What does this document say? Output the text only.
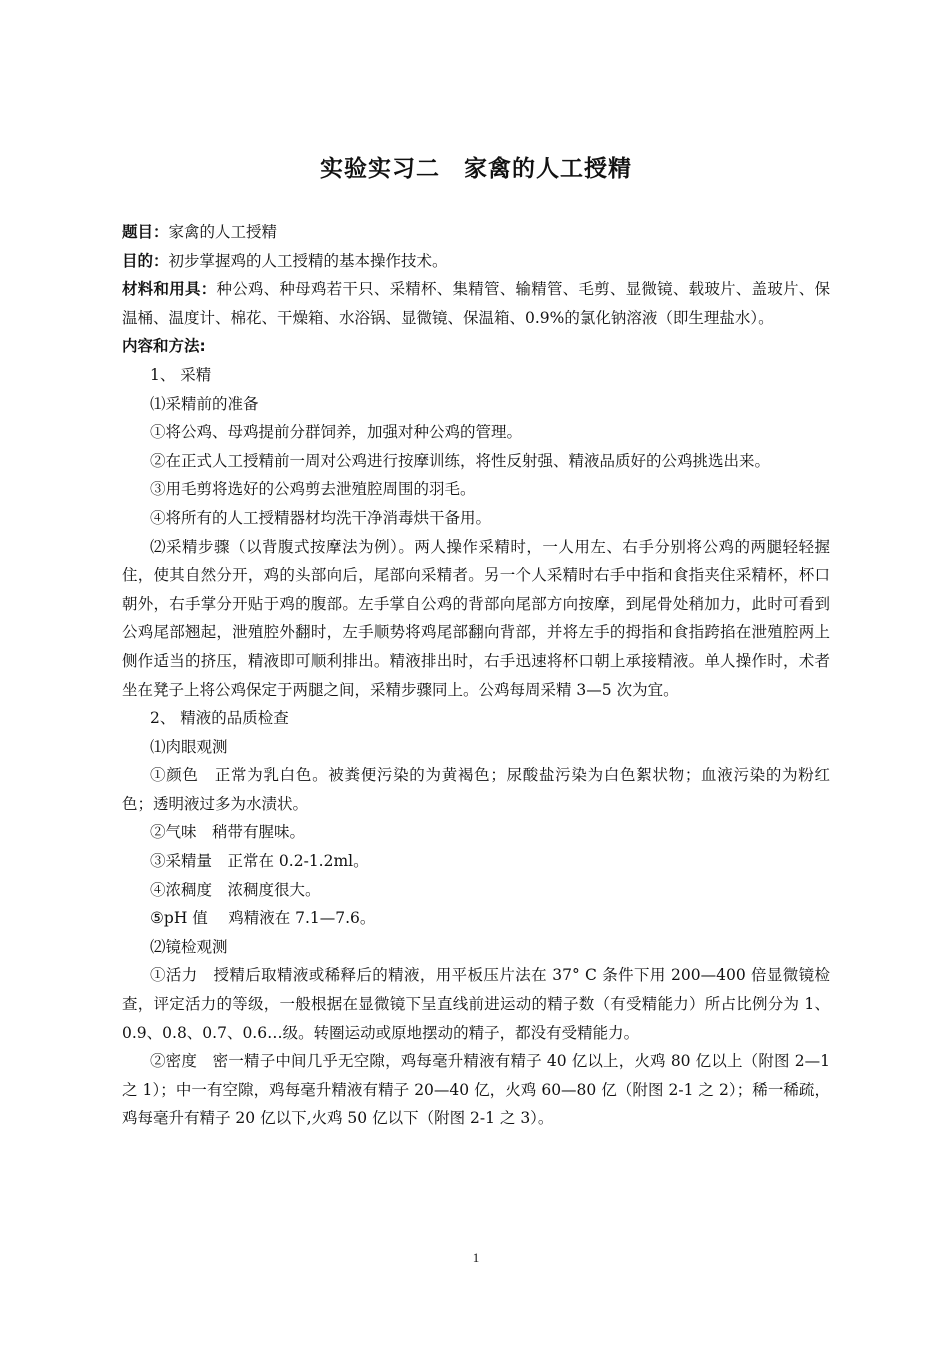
实验实习二　家禽的人工授精

题目：家禽的人工授精

目的：初步掌握鸡的人工授精的基本操作技术。

材料和用具：种公鸡、种母鸡若干只、采精杯、集精管、输精管、毛剪、显微镜、载玻片、盖玻片、保温桶、温度计、棉花、干燥箱、水浴锅、显微镜、保温箱、0.9%的氯化钠溶液（即生理盐水）。

内容和方法:

1、 采精

⑴采精前的准备

①将公鸡、母鸡提前分群饲养，加强对种公鸡的管理。

②在正式人工授精前一周对公鸡进行按摩训练，将性反射强、精液品质好的公鸡挑选出来。

③用毛剪将选好的公鸡剪去泄殖腔周围的羽毛。

④将所有的人工授精器材均洗干净消毒烘干备用。

⑵采精步骤（以背腹式按摩法为例）。两人操作采精时，一人用左、右手分别将公鸡的两腿轻轻握住，使其自然分开，鸡的头部向后，尾部向采精者。另一个人采精时右手中指和食指夹住采精杯，杯口朝外，右手掌分开贴于鸡的腹部。左手掌自公鸡的背部向尾部方向按摩，到尾骨处稍加力，此时可看到公鸡尾部翘起，泄殖腔外翻时，左手顺势将鸡尾部翻向背部，并将左手的拇指和食指跨掐在泄殖腔两上侧作适当的挤压，精液即可顺利排出。精液排出时，右手迅速将杯口朝上承接精液。单人操作时，术者坐在凳子上将公鸡保定于两腿之间，采精步骤同上。公鸡每周采精 3—5 次为宜。

2、 精液的品质检查

⑴肉眼观测

①颜色　正常为乳白色。被粪便污染的为黄褐色；尿酸盐污染为白色絮状物；血液污染的为粉红色；透明液过多为水渍状。

②气味　稍带有腥味。

③采精量　正常在 0.2-1.2ml。

④浓稠度　浓稠度很大。

⑤pH 值　 鸡精液在 7.1—7.6。

⑵镜检观测

①活力　授精后取精液或稀释后的精液，用平板压片法在 37° C 条件下用 200—400 倍显微镜检查，评定活力的等级，一般根据在显微镜下呈直线前进运动的精子数（有受精能力）所占比例分为 1、0.9、0.8、0.7、0.6…级。转圈运动或原地摆动的精子，都没有受精能力。

②密度　密一精子中间几乎无空隙，鸡每毫升精液有精子 40 亿以上，火鸡 80 亿以上（附图 2—1 之 1）；中一有空隙，鸡每毫升精液有精子 20—40 亿，火鸡 60—80 亿（附图 2-1 之 2）；稀一稀疏，鸡每毫升有精子 20 亿以下,火鸡 50 亿以下（附图 2-1 之 3）。

1
